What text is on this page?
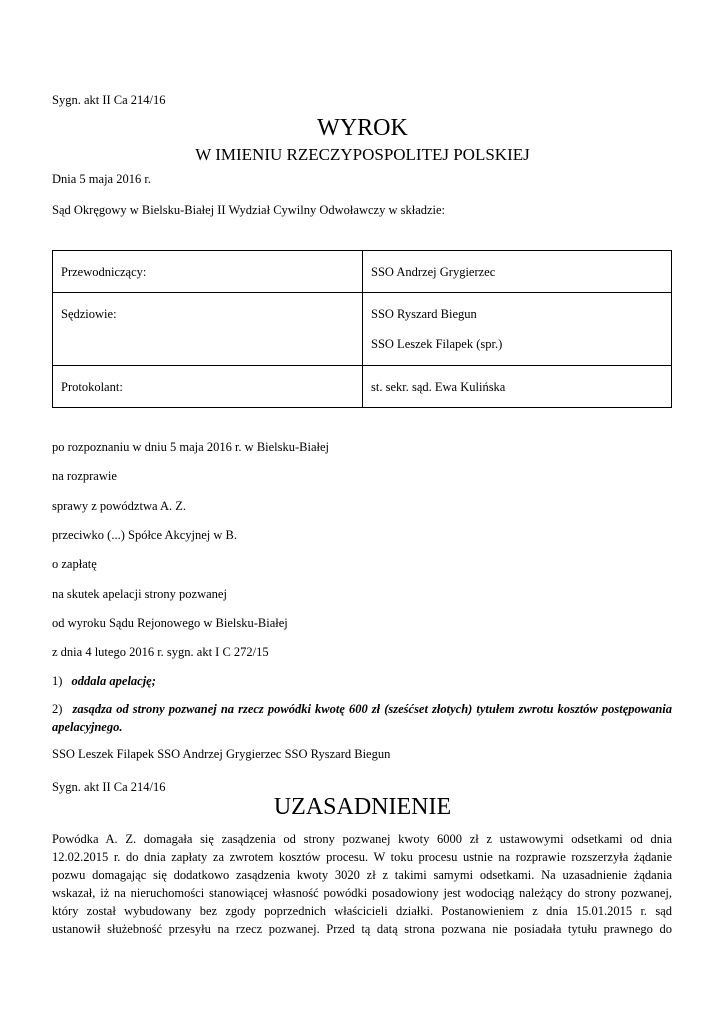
Sygn. akt II Ca 214/16
WYROK
W IMIENIU RZECZYPOSPOLITEJ POLSKIEJ
Dnia 5 maja 2016 r.
Sąd Okręgowy w Bielsku-Białej II Wydział Cywilny Odwoławczy w składzie:
Przewodniczący:	SSO Andrzej Grygierzec
Sędziowie:	SSO Ryszard Biegun
SSO Leszek Filapek (spr.)

Protokolant:	st. sekr. sąd. Ewa Kulińska
po rozpoznaniu w dniu 5 maja 2016 r. w Bielsku-Białej
na rozprawie
sprawy z powództwa A. Z.
przeciwko (...) Spółce Akcyjnej w B.
o zapłatę
na skutek apelacji strony pozwanej
od wyroku Sądu Rejonowego w Bielsku-Białej
z dnia 4 lutego 2016 r. sygn. akt I C 272/15
1) oddala apelację;
2) zasądza od strony pozwanej na rzecz powódki kwotę 600 zł (sześćset złotych) tytułem zwrotu kosztów postępowania apelacyjnego.
SSO Leszek Filapek SSO Andrzej Grygierzec SSO Ryszard Biegun
Sygn. akt II Ca 214/16
UZASADNIENIE
Powódka A. Z. domagała się zasądzenia od strony pozwanej kwoty 6000 zł z ustawowymi odsetkami od dnia
12.02.2015 r. do dnia zapłaty za zwrotem kosztów procesu. W toku procesu ustnie na rozprawie rozszerzyła żądanie
pozwu domagając się dodatkowo zasądzenia kwoty 3020 zł z takimi samymi odsetkami. Na uzasadnienie żądania
wskazał, iż na nieruchomości stanowiącej własność powódki posadowiony jest wodociąg należący do strony pozwanej,
który został wybudowany bez zgody poprzednich właścicieli działki. Postanowieniem z dnia 15.01.2015 r. sąd
ustanowił służebność przesyłu na rzecz pozwanej. Przed tą datą strona pozwana nie posiadała tytułu prawnego do
